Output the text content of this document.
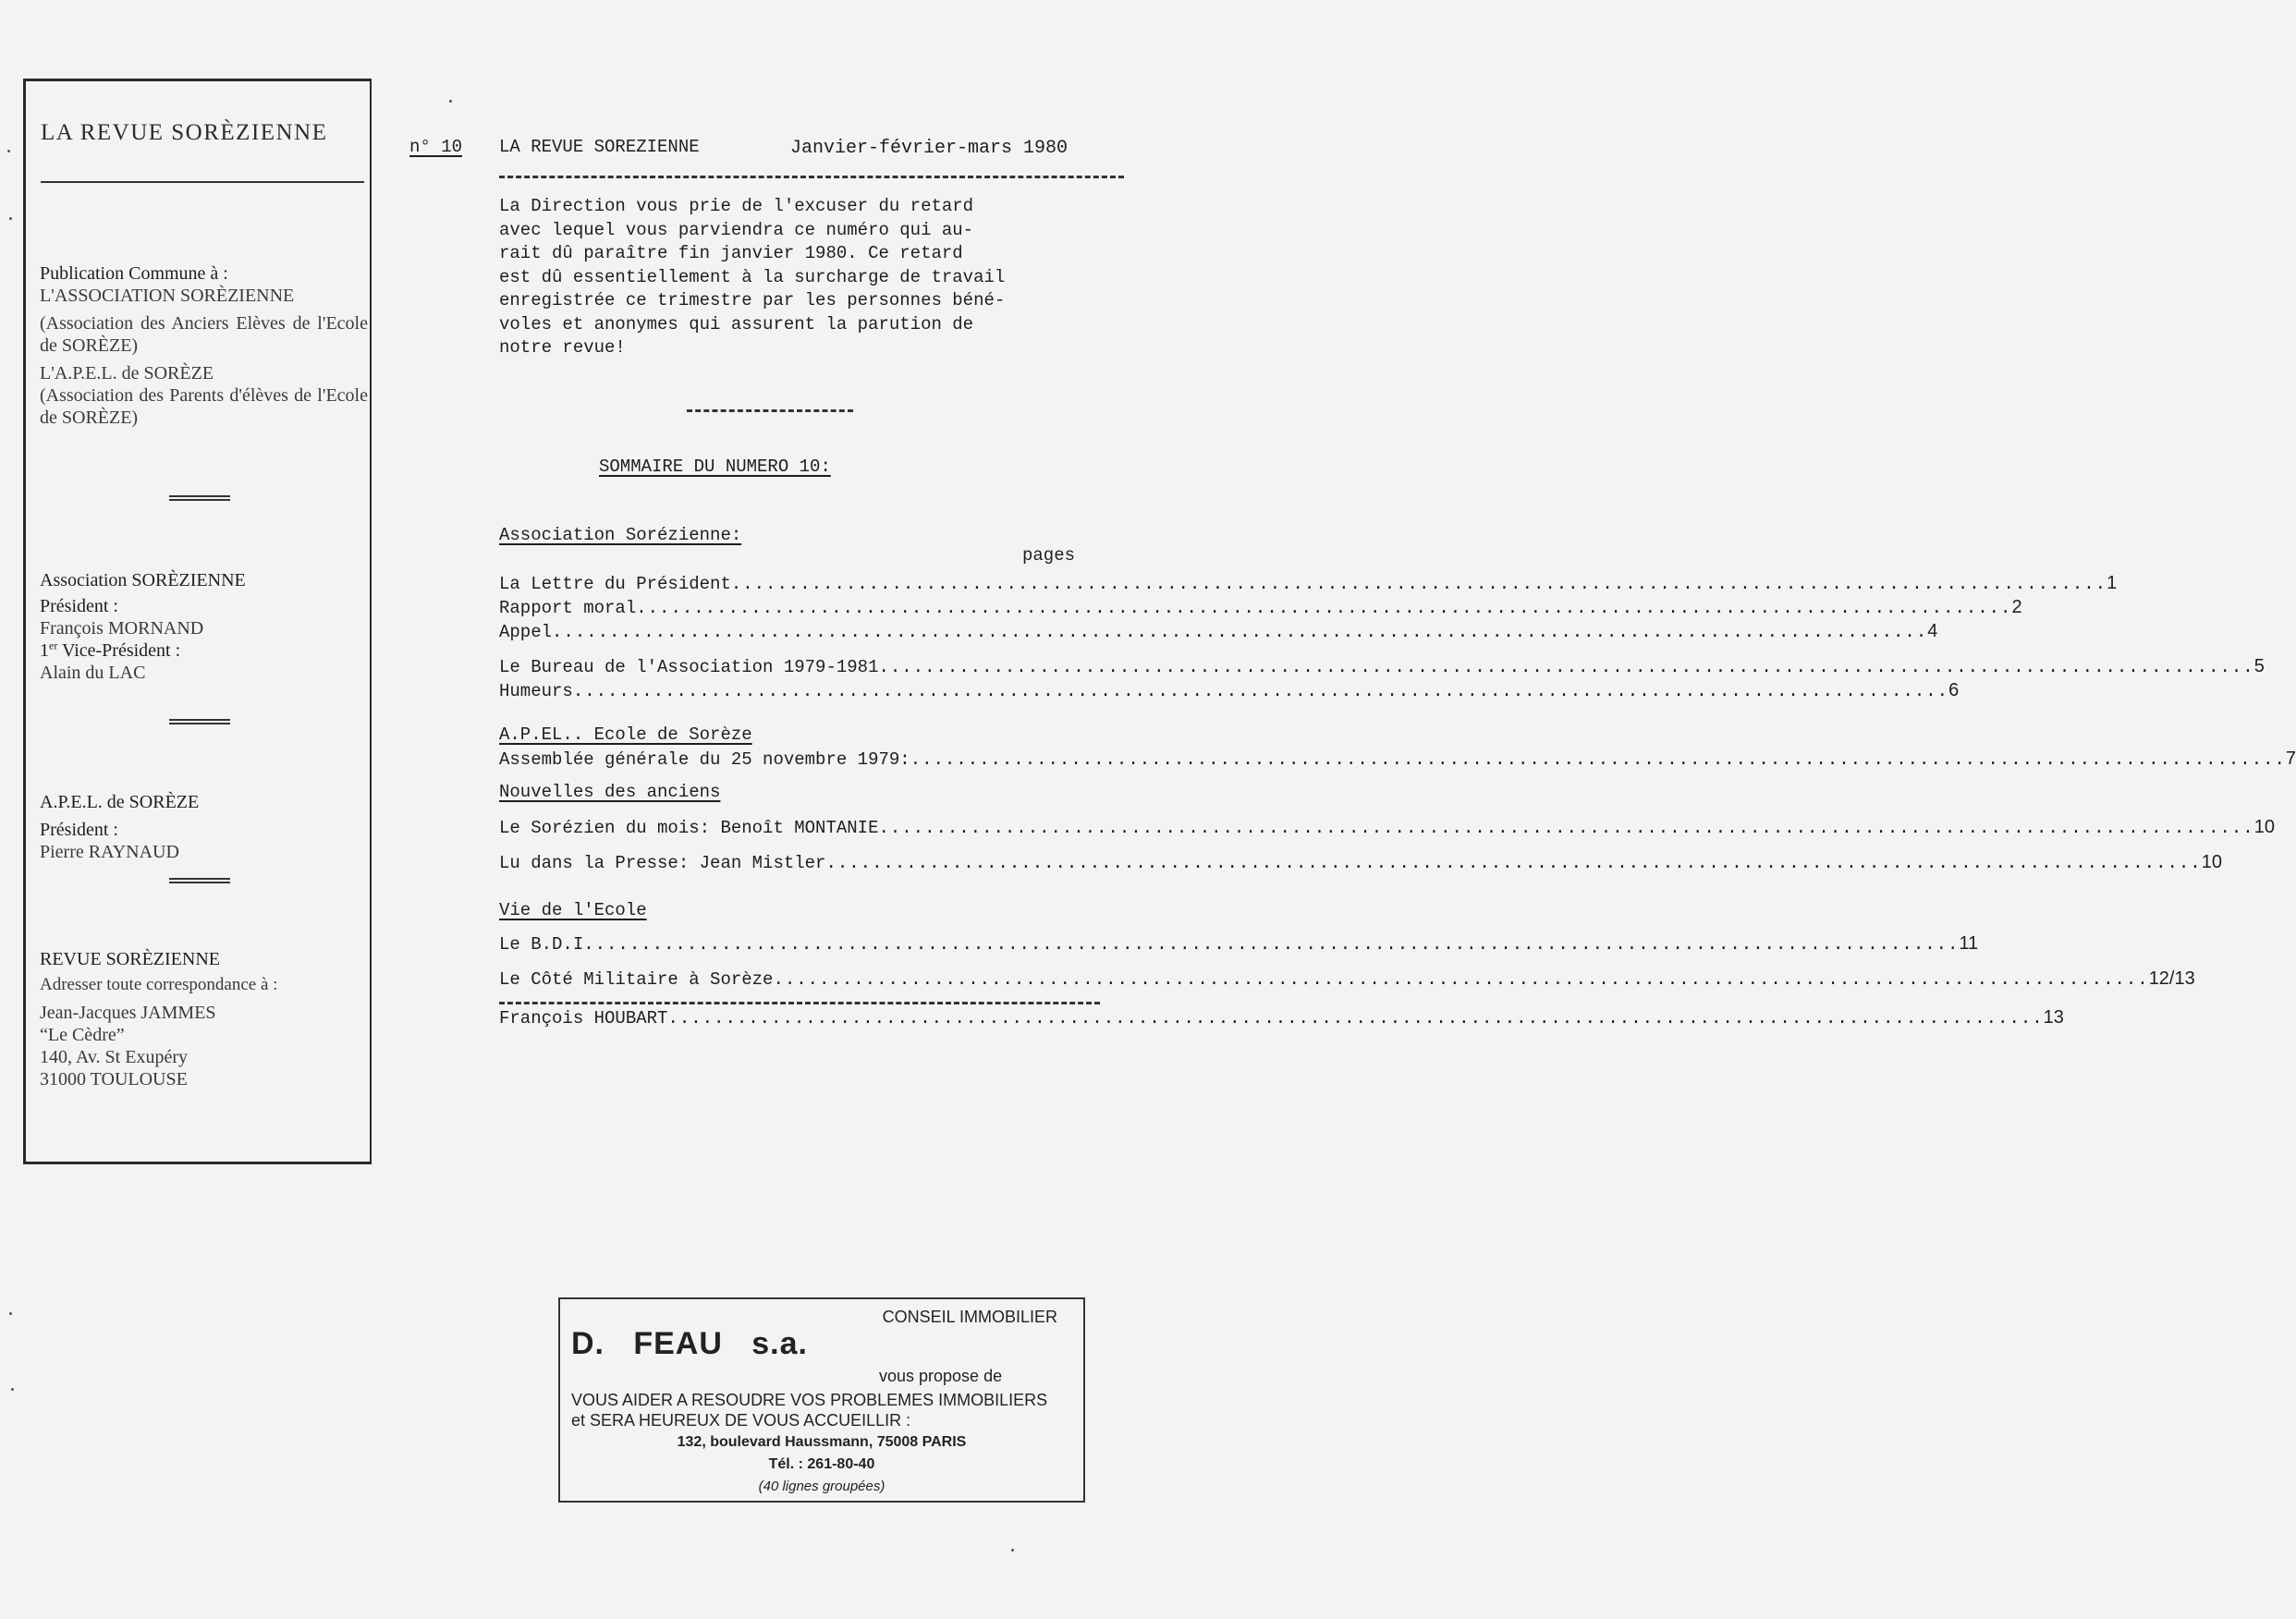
LA REVUE SORÈZIENNE
Publication Commune à :
L'ASSOCIATION SORÈZIENNE
(Association des Anciers Elèves de l'Ecole de SORÈZE)
L'A.P.E.L. de SORÈZE
(Association des Parents d'élèves de l'Ecole de SORÈZE)
Association SORÈZIENNE
Président :
François MORNAND
1er Vice-Président :
Alain du LAC
A.P.E.L. de SORÈZE
Président :
Pierre RAYNAUD
REVUE SORÈZIENNE
Adresser toute correspondance à :
Jean-Jacques JAMMES
“Le Cèdre”
140, Av. St Exupéry
31000 TOULOUSE
n° 10 LA REVUE SOREZIENNE	Janvier-février-mars 1980
La Direction vous prie de l'excuser du retard
avec lequel vous parviendra ce numéro qui au-
rait dû paraître fin janvier 1980. Ce retard
est dû essentiellement à la surcharge de travail
enregistrée ce trimestre par les personnes béné-
voles et anonymes qui assurent la parution de
notre revue!
SOMMAIRE DU NUMERO 10:
pages
Association Sorézienne:
La Lettre du Président ........................................................................................................................ 1
Rapport moral ........................................................................................................................ 2
Appel ........................................................................................................................ 4
Le Bureau de l'Association 1979-1981 ........................................................................................................................ 5
Humeurs ........................................................................................................................ 6
A.P.EL.. Ecole de Sorèze
Assemblée générale du 25 novembre 1979: ........................................................................................................................ 7
Nouvelles des anciens
Le Sorézien du mois: Benoît MONTANIE ........................................................................................................................ 10
Lu dans la Presse: Jean Mistler ........................................................................................................................ 10
Vie de l'Ecole
Le B.D.I ........................................................................................................................ 11
Le Côté Militaire à Sorèze ........................................................................................................................ 12/13
François HOUBART ........................................................................................................................ 13
CONSEIL IMMOBILIER
D.   FEAU   s.a.
vous propose de
VOUS AIDER A RESOUDRE VOS PROBLEMES IMMOBILIERS
et SERA HEUREUX DE VOUS ACCUEILLIR :
132, boulevard Haussmann, 75008 PARIS
Tél. : 261-80-40
(40 lignes groupées)
